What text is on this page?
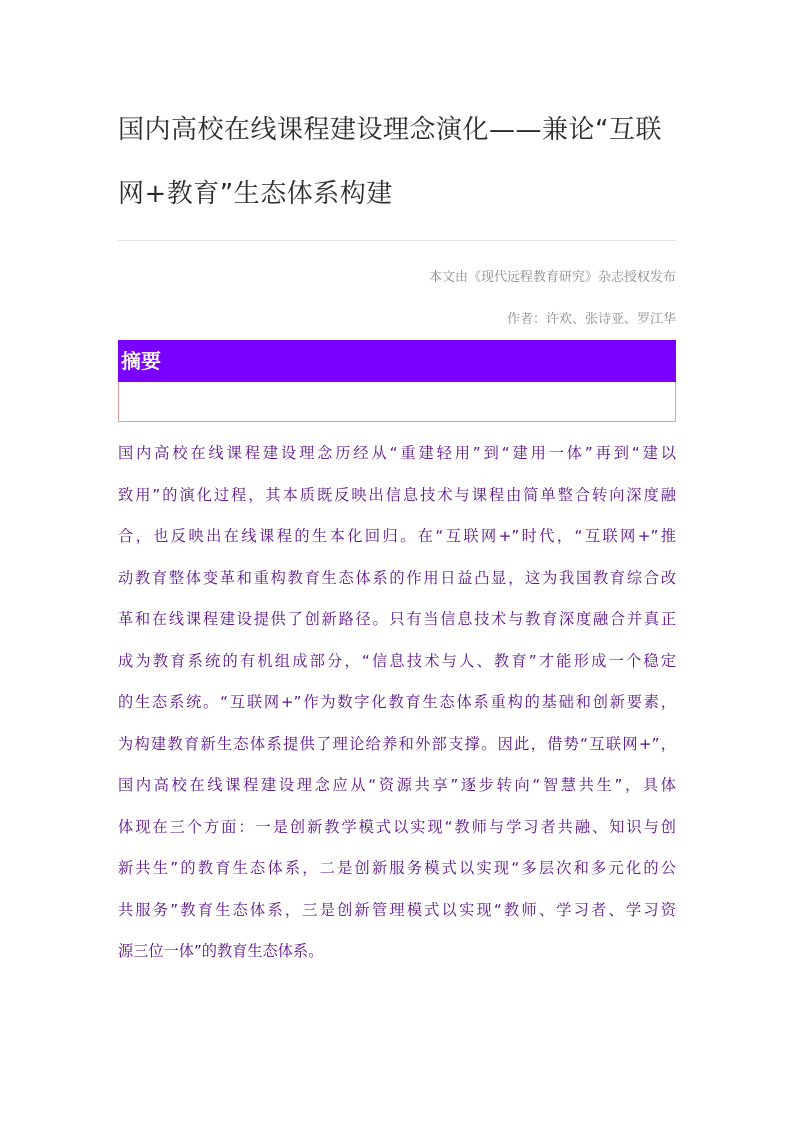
国内高校在线课程建设理念演化——兼论“互联
网+教育”生态体系构建
本文由《现代远程教育研究》杂志授权发布
作者：许欢、张诗亚、罗江华
摘要
国内高校在线课程建设理念历经从“重建轻用”到“建用一体”再到“建以
致用”的演化过程，其本质既反映出信息技术与课程由简单整合转向深度融
合，也反映出在线课程的生本化回归。在“互联网+”时代，“互联网+”推
动教育整体变革和重构教育生态体系的作用日益凸显，这为我国教育综合改
革和在线课程建设提供了创新路径。只有当信息技术与教育深度融合并真正
成为教育系统的有机组成部分，“信息技术与人、教育”才能形成一个稳定
的生态系统。“互联网+”作为数字化教育生态体系重构的基础和创新要素，
为构建教育新生态体系提供了理论给养和外部支撑。因此，借势“互联网+”，
国内高校在线课程建设理念应从“资源共享”逐步转向“智慧共生”，具体
体现在三个方面：一是创新教学模式以实现“教师与学习者共融、知识与创
新共生”的教育生态体系，二是创新服务模式以实现“多层次和多元化的公
共服务”教育生态体系，三是创新管理模式以实现“教师、学习者、学习资
源三位一体”的教育生态体系。
